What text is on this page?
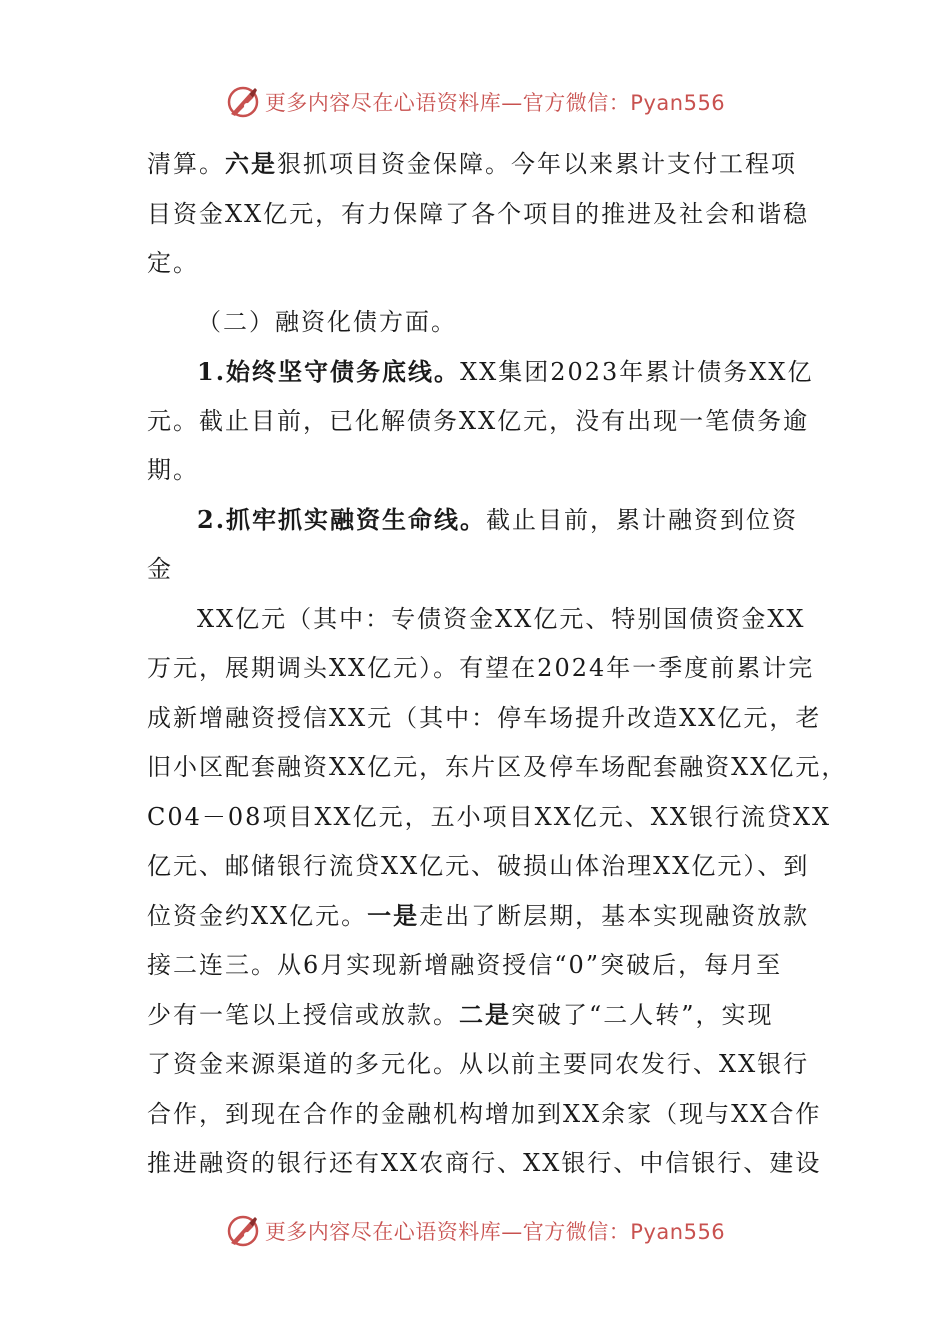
更多内容尽在心语资料库—官方微信：Pyan556
清算。六是狠抓项目资金保障。今年以来累计支付工程项
目资金XX亿元，有力保障了各个项目的推进及社会和谐稳
定。
（二）融资化债方面。
1.始终坚守债务底线。XX集团2023年累计债务XX亿
元。截止目前，已化解债务XX亿元，没有出现一笔债务逾
期。
2.抓牢抓实融资生命线。截止目前，累计融资到位资
金
XX亿元（其中：专债资金XX亿元、特别国债资金XX
万元，展期调头XX亿元）。有望在2024年一季度前累计完
成新增融资授信XX元（其中：停车场提升改造XX亿元，老
旧小区配套融资XX亿元，东片区及停车场配套融资XX亿元，
C04－08项目XX亿元，五小项目XX亿元、XX银行流贷XX
亿元、邮储银行流贷XX亿元、破损山体治理XX亿元）、到
位资金约XX亿元。一是走出了断层期，基本实现融资放款
接二连三。从6月实现新增融资授信“0”突破后，每月至
少有一笔以上授信或放款。二是突破了“二人转”，实现
了资金来源渠道的多元化。从以前主要同农发行、XX银行
合作，到现在合作的金融机构增加到XX余家（现与XX合作
推进融资的银行还有XX农商行、XX银行、中信银行、建设
更多内容尽在心语资料库—官方微信：Pyan556
